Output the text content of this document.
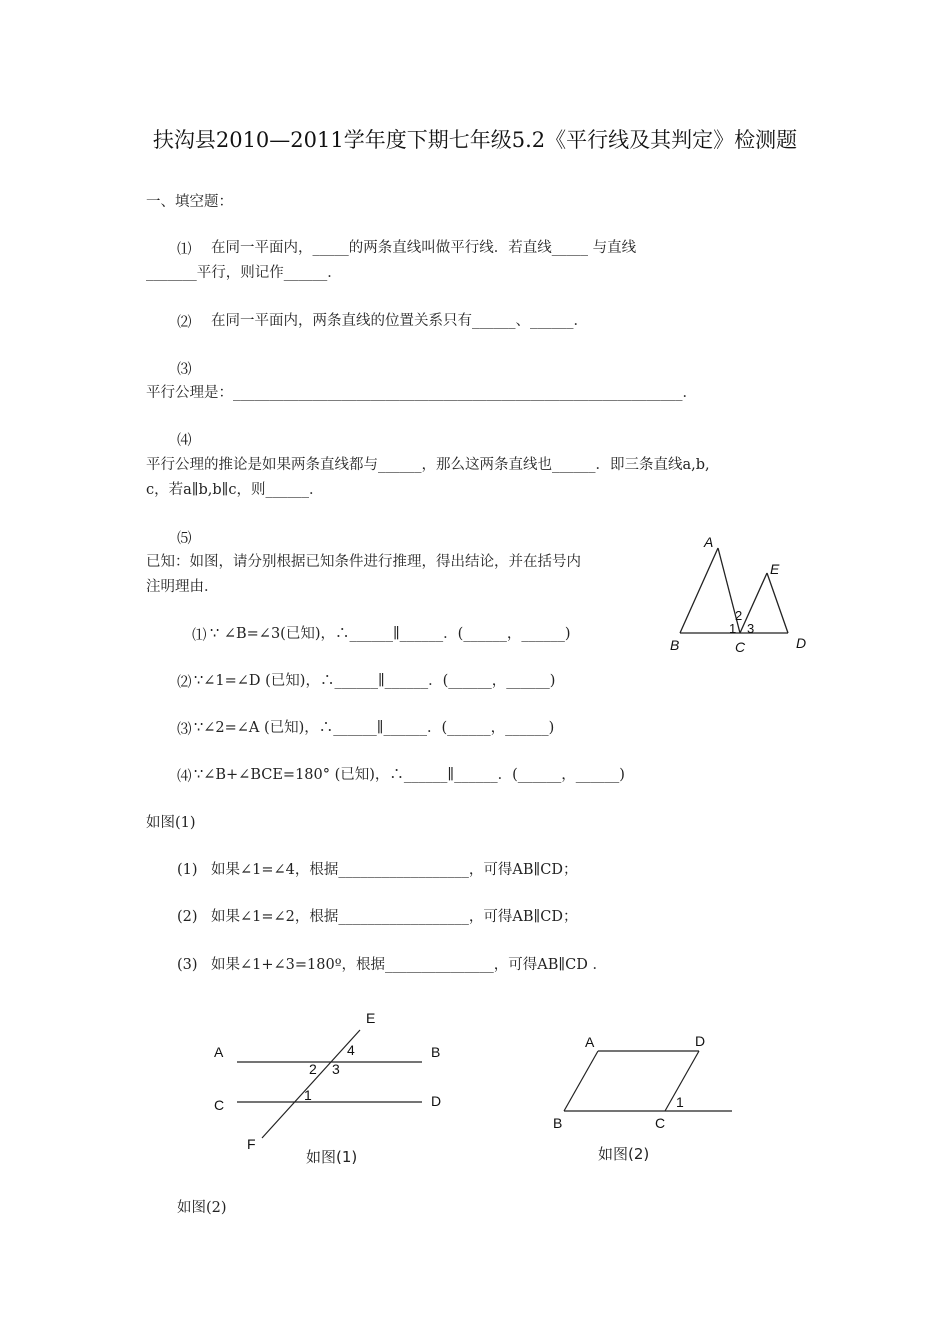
扶沟县2010—2011学年度下期七年级5.2《平行线及其判定》检测题
一、填空题：
⑴ 在同一平面内，_____的两条直线叫做平行线．若直线_____ 与直线
_______平行，则记作______．
⑵ 在同一平面内，两条直线的位置关系只有______、______．
⑶
平行公理是：______________________________________________________________．
⑷
平行公理的推论是如果两条直线都与______，那么这两条直线也______．即三条直线a,b,
c，若a∥b,b∥c，则______．
⑸
已知：如图，请分别根据已知条件进行推理，得出结论，并在括号内
注明理由．
⑴ ∵ ∠B=∠3(已知)，∴______∥______．(______，______)
⑵ ∵∠1=∠D (已知)，∴______∥______．(______，______)
⑶ ∵∠2=∠A (已知)，∴______∥______．(______，______)
⑷ ∵∠B+∠BCE=180° (已知)，∴______∥______．(______，______)
A
E
B	C	D
2
1 3
如图(1)
(1) 如果∠1=∠4，根据__________________，可得AB∥CD；
(2) 如果∠1=∠2，根据__________________，可得AB∥CD；
(3) 如果∠1+∠3=180º，根据_______________，可得AB∥CD ．
A	B
C	D
E
F
4
2 3
1
如图(1)
A	D
B	C
1
如图(2)
如图(2)
